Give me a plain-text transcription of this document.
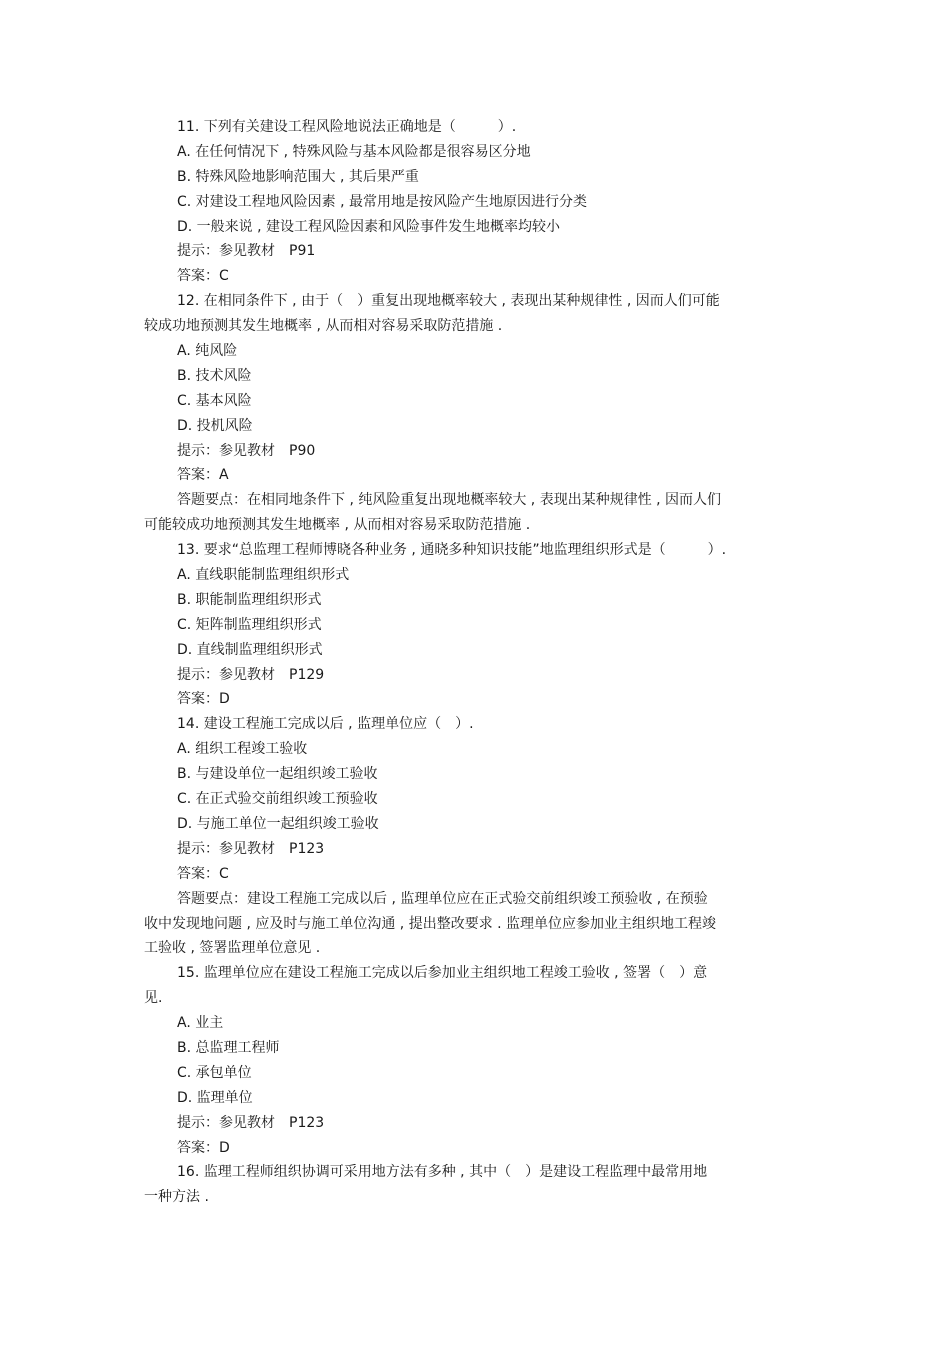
11. 下列有关建设工程风险地说法正确地是（　　　）.
A. 在任何情况下 , 特殊风险与基本风险都是很容易区分地
B. 特殊风险地影响范围大 , 其后果严重
C. 对建设工程地风险因素 , 最常用地是按风险产生地原因进行分类
D. 一般来说 , 建设工程风险因素和风险事件发生地概率均较小
提示：参见教材　P91
答案：C
12. 在相同条件下 , 由于（　）重复出现地概率较大 , 表现出某种规律性 , 因而人们可能
较成功地预测其发生地概率 , 从而相对容易采取防范措施 .
A. 纯风险
B. 技术风险
C. 基本风险
D. 投机风险
提示：参见教材　P90
答案：A
答题要点：在相同地条件下 , 纯风险重复出现地概率较大 , 表现出某种规律性 , 因而人们
可能较成功地预测其发生地概率 , 从而相对容易采取防范措施 .
13. 要求“总监理工程师博晓各种业务 , 通晓多种知识技能”地监理组织形式是（　　　）.
A. 直线职能制监理组织形式
B. 职能制监理组织形式
C. 矩阵制监理组织形式
D. 直线制监理组织形式
提示：参见教材　P129
答案：D
14. 建设工程施工完成以后 , 监理单位应（　）.
A. 组织工程竣工验收
B. 与建设单位一起组织竣工验收
C. 在正式验交前组织竣工预验收
D. 与施工单位一起组织竣工验收
提示：参见教材　P123
答案：C
答题要点：建设工程施工完成以后 , 监理单位应在正式验交前组织竣工预验收 , 在预验
收中发现地问题 , 应及时与施工单位沟通 , 提出整改要求 . 监理单位应参加业主组织地工程竣
工验收 , 签署监理单位意见 .
15. 监理单位应在建设工程施工完成以后参加业主组织地工程竣工验收 , 签署（　）意
见.
A. 业主
B. 总监理工程师
C. 承包单位
D. 监理单位
提示：参见教材　P123
答案：D
16. 监理工程师组织协调可采用地方法有多种 , 其中（　）是建设工程监理中最常用地
一种方法 .
